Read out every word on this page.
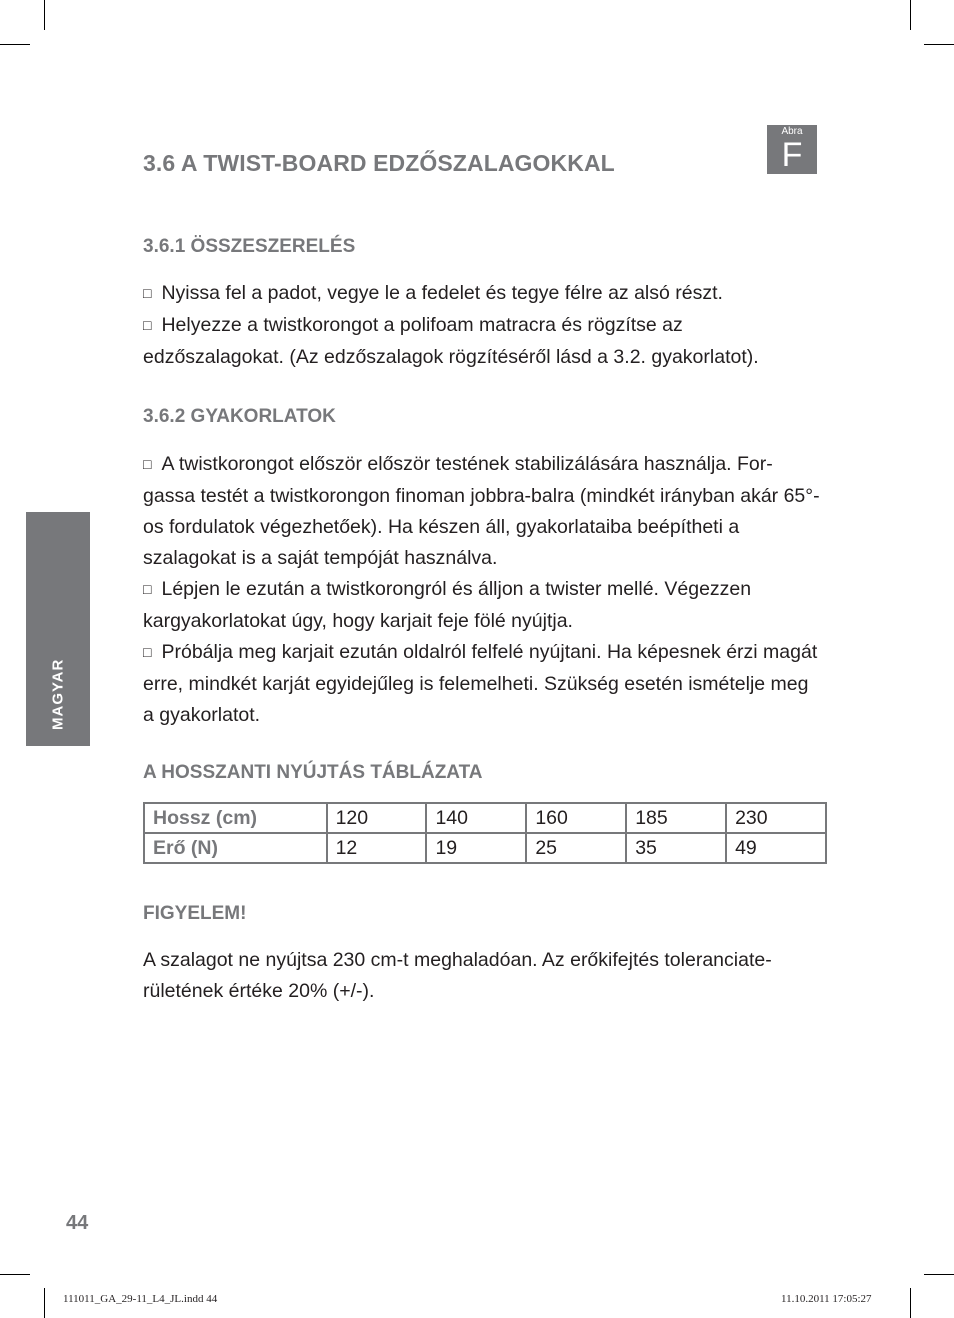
Abra
F
3.6 A TWIST-BOARD EDZŐSZALAGOKKAL
3.6.1 ÖSSZESZERELÉS

□ Nyissa fel a padot, vegye le a fedelet és tegye félre az alsó részt.

□ Helyezze a twistkorongot a polifoam matracra és rögzítse az edzőszalagokat. (Az edzőszalagok rögzítéséről lásd a 3.2. gyakorlatot).

3.6.2 GYAKORLATOK

□ A twistkorongot először először testének stabilizálására használja. For-gassa testét a twistkorongon finoman jobbra-balra (mindkét irányban akár 65°-os fordulatok végezhetőek). Ha készen áll, gyakorlataiba beépítheti a szalagokat is a saját tempóját használva.

□ Lépjen le ezután a twistkorongról és álljon a twister mellé. Végezzen kargyakorlatokat úgy, hogy karjait feje fölé nyújtja.

□ Próbálja meg karjait ezután oldalról felfelé nyújtani. Ha képesnek érzi magát erre, mindkét karját egyidejűleg is felemelheti. Szükség esetén ismételje meg a gyakorlatot.

A HOSSZANTI NYÚJTÁS TÁBLÁZATA
Hossz (cm)	120	140	160	185	230
Erő (N)	12	19	25	35	49
FIGYELEM!

A szalagot ne nyújtsa 230 cm-t meghaladóan. Az erőkifejtés toleranciate-rületének értéke 20% (+/-).

MAGYAR
44
111011_GA_29-11_L4_JL.indd 44	11.10.2011 17:05:27
